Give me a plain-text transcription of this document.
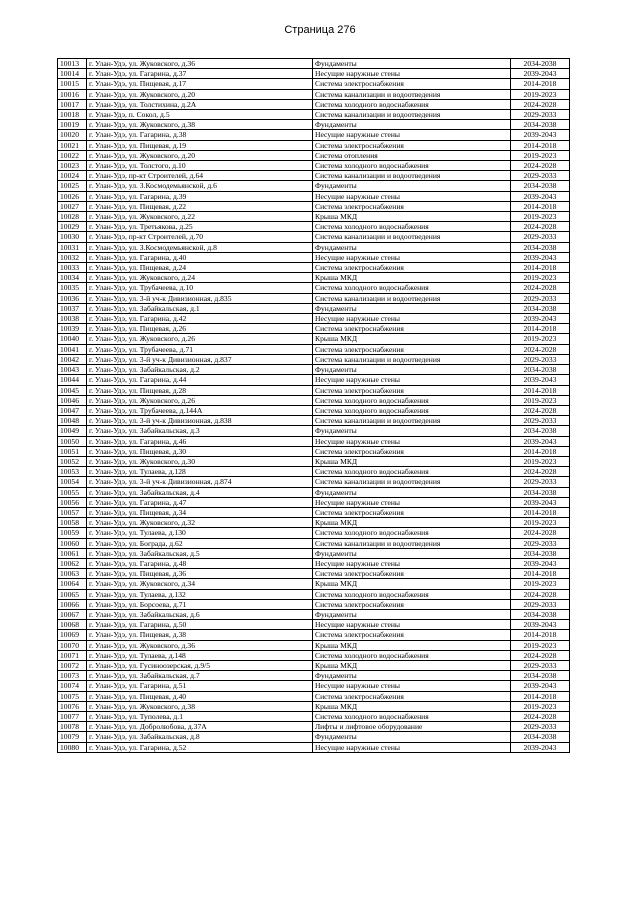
Страница 276
10013	г. Улан-Удэ, ул. Жуковского, д.36	Фундаменты	2034-2038
10014	г. Улан-Удэ, ул. Гагарина, д.37	Несущие наружные стены	2039-2043
10015	г. Улан-Удэ, ул. Пищевая, д.17	Система электроснабжения	2014-2018
10016	г. Улан-Удэ, ул. Жуковского, д.20	Система канализации и водоотведения	2019-2023
10017	г. Улан-Удэ, ул. Толстихина, д.2А	Система холодного водоснабжения	2024-2028
10018	г. Улан-Удэ, п. Сокол, д.5	Система канализации и водоотведения	2029-2033
10019	г. Улан-Удэ, ул. Жуковского, д.38	Фундаменты	2034-2038
10020	г. Улан-Удэ, ул. Гагарина, д.38	Несущие наружные стены	2039-2043
10021	г. Улан-Удэ, ул. Пищевая, д.19	Система электроснабжения	2014-2018
10022	г. Улан-Удэ, ул. Жуковского, д.20	Система отопления	2019-2023
10023	г. Улан-Удэ, ул. Толстого, д.10	Система холодного водоснабжения	2024-2028
10024	г. Улан-Удэ, пр-кт Строителей, д.64	Система канализации и водоотведения	2029-2033
10025	г. Улан-Удэ, ул. З.Космодемьянской, д.6	Фундаменты	2034-2038
10026	г. Улан-Удэ, ул. Гагарина, д.39	Несущие наружные стены	2039-2043
10027	г. Улан-Удэ, ул. Пищевая, д.22	Система электроснабжения	2014-2018
10028	г. Улан-Удэ, ул. Жуковского, д.22	Крыша МКД	2019-2023
10029	г. Улан-Удэ, ул. Третьякова, д.25	Система холодного водоснабжения	2024-2028
10030	г. Улан-Удэ, пр-кт Строителей, д.70	Система канализации и водоотведения	2029-2033
10031	г. Улан-Удэ, ул. З.Космодемьянской, д.8	Фундаменты	2034-2038
10032	г. Улан-Удэ, ул. Гагарина, д.40	Несущие наружные стены	2039-2043
10033	г. Улан-Удэ, ул. Пищевая, д.24	Система электроснабжения	2014-2018
10034	г. Улан-Удэ, ул. Жуковского, д.24	Крыша МКД	2019-2023
10035	г. Улан-Удэ, ул. Трубачеева, д.10	Система холодного водоснабжения	2024-2028
10036	г. Улан-Удэ, ул. 3-й уч-к Дивизионная, д.835	Система канализации и водоотведения	2029-2033
10037	г. Улан-Удэ, ул. Забайкальская, д.1	Фундаменты	2034-2038
10038	г. Улан-Удэ, ул. Гагарина, д.42	Несущие наружные стены	2039-2043
10039	г. Улан-Удэ, ул. Пищевая, д.26	Система электроснабжения	2014-2018
10040	г. Улан-Удэ, ул. Жуковского, д.26	Крыша МКД	2019-2023
10041	г. Улан-Удэ, ул. Трубачеева, д.71	Система электроснабжения	2024-2028
10042	г. Улан-Удэ, ул. 3-й уч-к Дивизионная, д.837	Система канализации и водоотведения	2029-2033
10043	г. Улан-Удэ, ул. Забайкальская, д.2	Фундаменты	2034-2038
10044	г. Улан-Удэ, ул. Гагарина, д.44	Несущие наружные стены	2039-2043
10045	г. Улан-Удэ, ул. Пищевая, д.28	Система электроснабжения	2014-2018
10046	г. Улан-Удэ, ул. Жуковского, д.26	Система холодного водоснабжения	2019-2023
10047	г. Улан-Удэ, ул. Трубачеева, д.144А	Система холодного водоснабжения	2024-2028
10048	г. Улан-Удэ, ул. 3-й уч-к Дивизионная, д.838	Система канализации и водоотведения	2029-2033
10049	г. Улан-Удэ, ул. Забайкальская, д.3	Фундаменты	2034-2038
10050	г. Улан-Удэ, ул. Гагарина, д.46	Несущие наружные стены	2039-2043
10051	г. Улан-Удэ, ул. Пищевая, д.30	Система электроснабжения	2014-2018
10052	г. Улан-Удэ, ул. Жуковского, д.30	Крыша МКД	2019-2023
10053	г. Улан-Удэ, ул. Тулаева, д.128	Система холодного водоснабжения	2024-2028
10054	г. Улан-Удэ, ул. 3-й уч-к Дивизионная, д.874	Система канализации и водоотведения	2029-2033
10055	г. Улан-Удэ, ул. Забайкальская, д.4	Фундаменты	2034-2038
10056	г. Улан-Удэ, ул. Гагарина, д.47	Несущие наружные стены	2039-2043
10057	г. Улан-Удэ, ул. Пищевая, д.34	Система электроснабжения	2014-2018
10058	г. Улан-Удэ, ул. Жуковского, д.32	Крыша МКД	2019-2023
10059	г. Улан-Удэ, ул. Тулаева, д.130	Система холодного водоснабжения	2024-2028
10060	г. Улан-Удэ, ул. Бограда, д.62	Система канализации и водоотведения	2029-2033
10061	г. Улан-Удэ, ул. Забайкальская, д.5	Фундаменты	2034-2038
10062	г. Улан-Удэ, ул. Гагарина, д.48	Несущие наружные стены	2039-2043
10063	г. Улан-Удэ, ул. Пищевая, д.36	Система электроснабжения	2014-2018
10064	г. Улан-Удэ, ул. Жуковского, д.34	Крыша МКД	2019-2023
10065	г. Улан-Удэ, ул. Тулаева, д.132	Система холодного водоснабжения	2024-2028
10066	г. Улан-Удэ, ул. Борсоева, д.71	Система электроснабжения	2029-2033
10067	г. Улан-Удэ, ул. Забайкальская, д.6	Фундаменты	2034-2038
10068	г. Улан-Удэ, ул. Гагарина, д.50	Несущие наружные стены	2039-2043
10069	г. Улан-Удэ, ул. Пищевая, д.38	Система электроснабжения	2014-2018
10070	г. Улан-Удэ, ул. Жуковского, д.36	Крыша МКД	2019-2023
10071	г. Улан-Удэ, ул. Тулаева, д.148	Система холодного водоснабжения	2024-2028
10072	г. Улан-Удэ, ул. Гусиноозерская, д.9/5	Крыша МКД	2029-2033
10073	г. Улан-Удэ, ул. Забайкальская, д.7	Фундаменты	2034-2038
10074	г. Улан-Удэ, ул. Гагарина, д.51	Несущие наружные стены	2039-2043
10075	г. Улан-Удэ, ул. Пищевая, д.40	Система электроснабжения	2014-2018
10076	г. Улан-Удэ, ул. Жуковского, д.38	Крыша МКД	2019-2023
10077	г. Улан-Удэ, ул. Туполева, д.1	Система холодного водоснабжения	2024-2028
10078	г. Улан-Удэ, ул. Добролюбова, д.37А	Лифты и лифтовое оборудование	2029-2033
10079	г. Улан-Удэ, ул. Забайкальская, д.8	Фундаменты	2034-2038
10080	г. Улан-Удэ, ул. Гагарина, д.52	Несущие наружные стены	2039-2043
